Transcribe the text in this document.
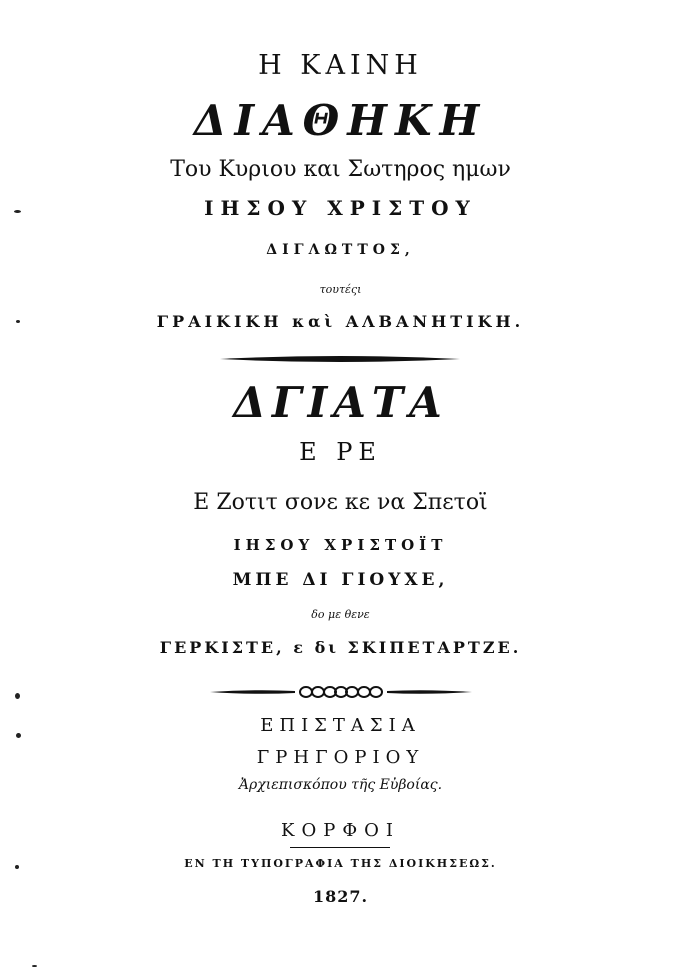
Η ΚΑΙΝΗ
ΔΙΑΘΗΚΗ
Του Κυριου και Σωτηρος ημων
ΙΗΣΟΥ ΧΡΙΣΤΟΥ
ΔΙΓΛΩΤΤΟΣ,
τουτέςι
ΓΡΑΙΚΙΚΗ καὶ ΑΛΒΑΝΗΤΙΚΗ.
ΔΓΙΑΤΑ
Ε ΡΕ
Ε Ζοτιτ σονε κε να Σπετοϊ
ΙΗΣΟΥ ΧΡΙΣΤΟΪΤ
ΜΠΕ ΔΙ ΓΙΟΥΧΕ,
δο με θενε
ΓΕΡΚΙΣΤΕ, ε δι ΣΚΙΠΕΤΑΡΤΖΕ.
ΕΠΙΣΤΑΣΙΑ
ΓΡΗΓΟΡΙΟΥ
Ἀρχιεπισκόπου τῆς Εὐβοίας.
ΚΟΡΦΟΙ
ΕΝ ΤΗ ΤΥΠΟΓΡΑΦΙΑ ΤΗΣ ΔΙΟΙΚΗΣΕΩΣ.
1827.
